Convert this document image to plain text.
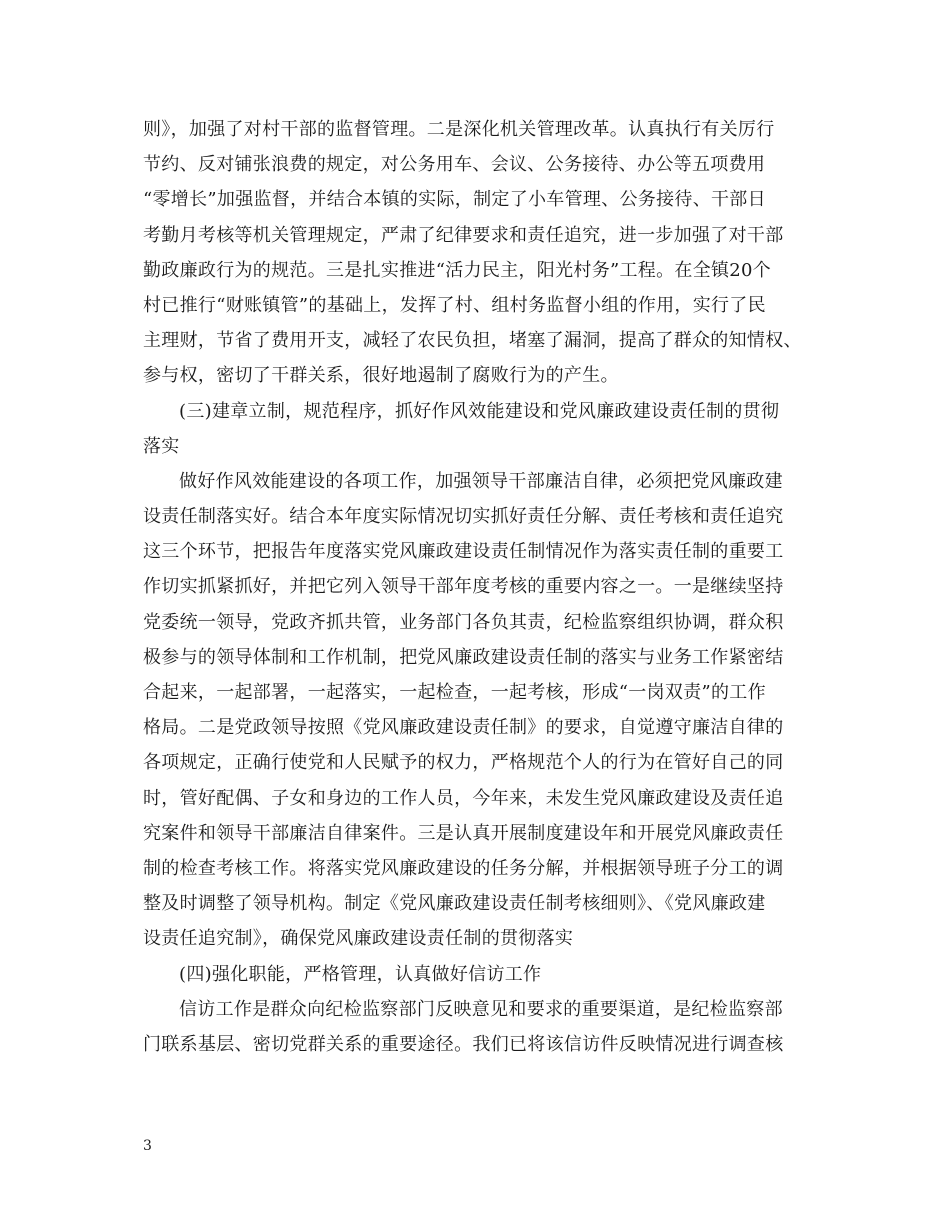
则》，加强了对村干部的监督管理。二是深化机关管理改革。认真执行有关厉行
节约、反对铺张浪费的规定，对公务用车、会议、公务接待、办公等五项费用
“零增长”加强监督，并结合本镇的实际，制定了小车管理、公务接待、干部日
考勤月考核等机关管理规定，严肃了纪律要求和责任追究，进一步加强了对干部
勤政廉政行为的规范。三是扎实推进“活力民主，阳光村务”工程。在全镇20个
村已推行“财账镇管”的基础上，发挥了村、组村务监督小组的作用，实行了民
主理财，节省了费用开支，减轻了农民负担，堵塞了漏洞，提高了群众的知情权、
参与权，密切了干群关系，很好地遏制了腐败行为的产生。
(三)建章立制，规范程序，抓好作风效能建设和党风廉政建设责任制的贯彻
落实
做好作风效能建设的各项工作，加强领导干部廉洁自律，必须把党风廉政建
设责任制落实好。结合本年度实际情况切实抓好责任分解、责任考核和责任追究
这三个环节，把报告年度落实党风廉政建设责任制情况作为落实责任制的重要工
作切实抓紧抓好，并把它列入领导干部年度考核的重要内容之一。一是继续坚持
党委统一领导，党政齐抓共管，业务部门各负其责，纪检监察组织协调，群众积
极参与的领导体制和工作机制，把党风廉政建设责任制的落实与业务工作紧密结
合起来，一起部署，一起落实，一起检查，一起考核，形成“一岗双责”的工作
格局。二是党政领导按照《党风廉政建设责任制》的要求，自觉遵守廉洁自律的
各项规定，正确行使党和人民赋予的权力，严格规范个人的行为在管好自己的同
时，管好配偶、子女和身边的工作人员，今年来，未发生党风廉政建设及责任追
究案件和领导干部廉洁自律案件。三是认真开展制度建设年和开展党风廉政责任
制的检查考核工作。将落实党风廉政建设的任务分解，并根据领导班子分工的调
整及时调整了领导机构。制定《党风廉政建设责任制考核细则》、《党风廉政建
设责任追究制》，确保党风廉政建设责任制的贯彻落实
(四)强化职能，严格管理，认真做好信访工作
信访工作是群众向纪检监察部门反映意见和要求的重要渠道，是纪检监察部
门联系基层、密切党群关系的重要途径。我们已将该信访件反映情况进行调查核
3
